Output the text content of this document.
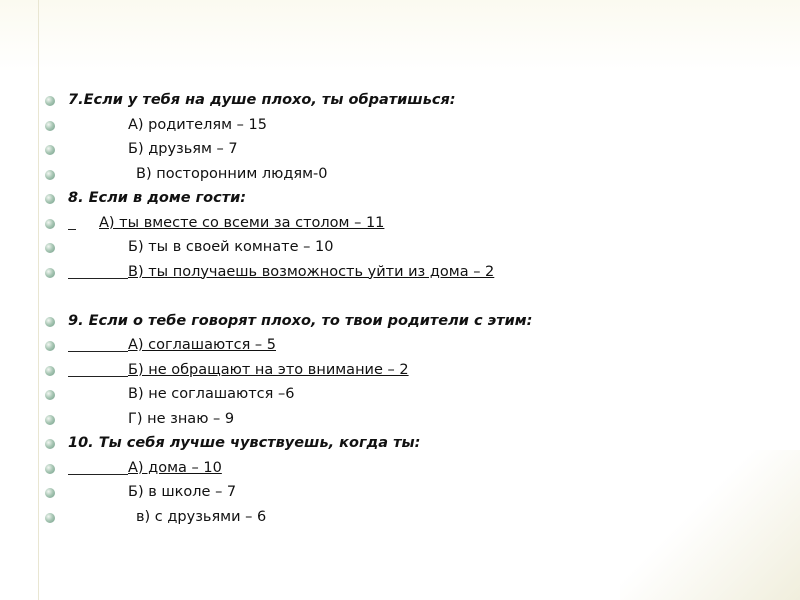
7.Если у тебя на душе плохо, ты обратишься:
А) родителям – 15
Б) друзьям – 7
В) посторонним людям-0
8. Если в доме гости:
А) ты вместе со всеми за столом – 11
Б) ты в своей комнате – 10
В) ты получаешь возможность уйти из дома – 2
9. Если о тебе говорят плохо, то твои родители с этим:
А) соглашаются – 5
Б) не обращают на это внимание – 2
В) не соглашаются –6
Г) не знаю – 9
10. Ты себя лучше чувствуешь, когда ты:
А) дома – 10
Б) в школе – 7
в) с друзьями – 6
